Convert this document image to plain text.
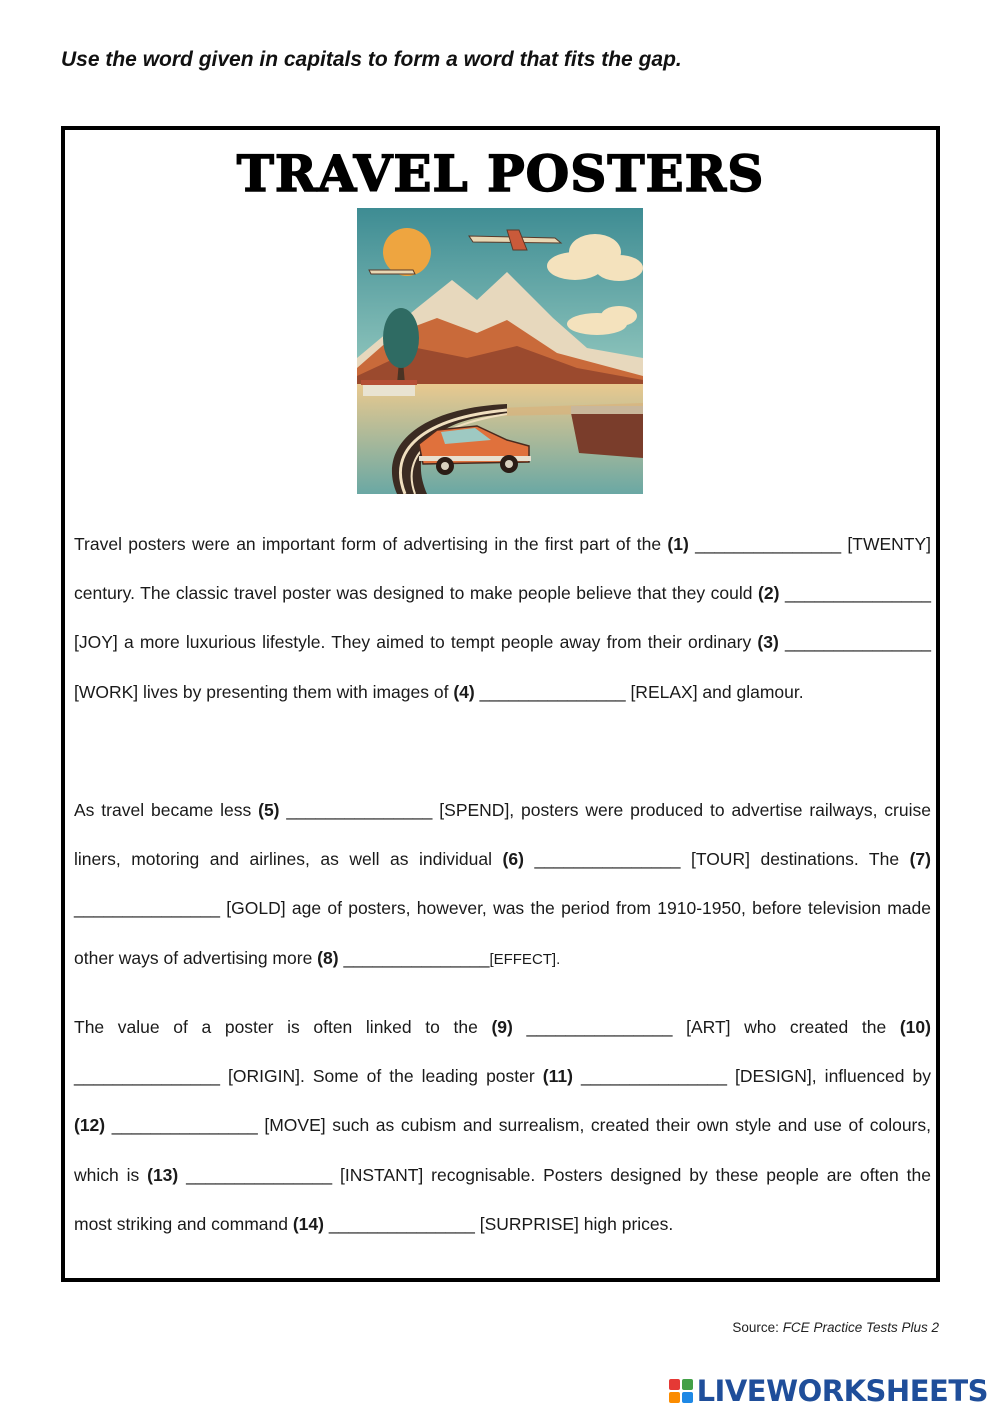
Use the word given in capitals to form a word that fits the gap.
TRAVEL POSTERS
Travel posters were an important form of advertising in the first part of the (1) _______________ [TWENTY] century. The classic travel poster was designed to make people believe that they could (2) _______________ [JOY] a more luxurious lifestyle. They aimed to tempt people away from their ordinary (3) _______________ [WORK] lives by presenting them with images of (4) _______________ [RELAX] and glamour.
As travel became less (5) _______________ [SPEND], posters were produced to advertise railways, cruise liners, motoring and airlines, as well as individual (6) _______________ [TOUR] destinations. The (7) _______________ [GOLD] age of posters, however, was the period from 1910-1950, before television made other ways of advertising more (8) _______________[EFFECT].
The value of a poster is often linked to the (9) _______________ [ART] who created the (10) _______________ [ORIGIN]. Some of the leading poster (11) _______________ [DESIGN], influenced by (12) _______________ [MOVE] such as cubism and surrealism, created their own style and use of colours, which is (13) _______________ [INSTANT] recognisable. Posters designed by these people are often the most striking and command (14) _______________ [SURPRISE] high prices.
Source: FCE Practice Tests Plus 2
LIVEWORKSHEETS
